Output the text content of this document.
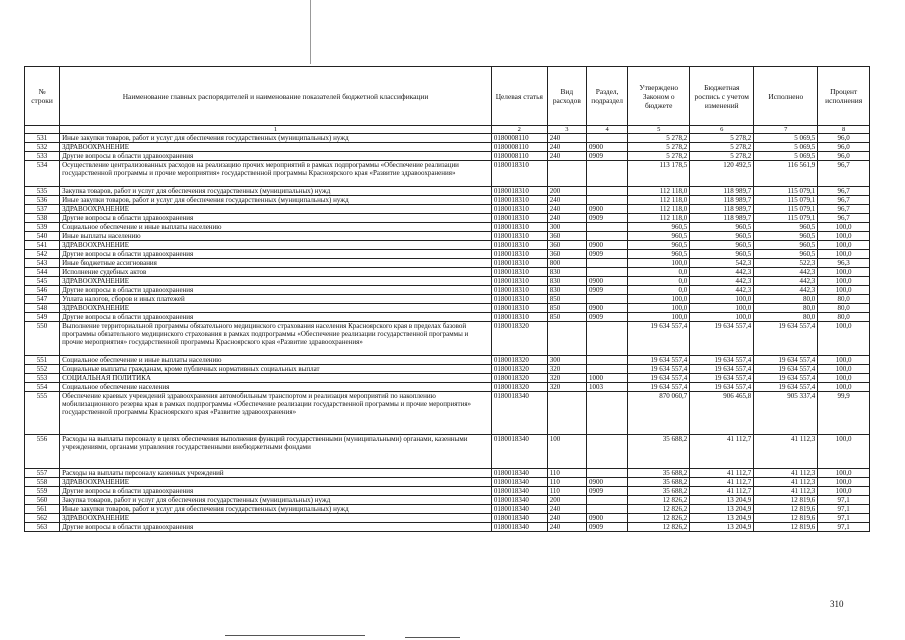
№ строки	Наименование главных распорядителей и наименование показателей бюджетной классификации	Целевая статья	Вид расходов	Раздел, подраздел	Утверждено Законом о бюджете	Бюджетная роспись с учетом изменений	Исполнено	Процент исполнения
	1	2	3	4	5	6	7	8
531	Иные закупки товаров, работ и услуг для обеспечения государственных (муниципальных) нужд	0180008110	240		5 278,2	5 278,2	5 069,5	96,0
532	ЗДРАВООХРАНЕНИЕ	0180008110	240	0900	5 278,2	5 278,2	5 069,5	96,0
533	Другие вопросы в области здравоохранения	0180008110	240	0909	5 278,2	5 278,2	5 069,5	96,0
534	Осуществление централизованных расходов на реализацию прочих мероприятий в рамках подпрограммы «Обеспечение реализации государственной программы и прочие мероприятия» государственной программы Красноярского края «Развитие здравоохранения»	0180018310			113 178,5	120 492,5	116 561,9	96,7
535	Закупка товаров, работ и услуг для обеспечения государственных (муниципальных) нужд	0180018310	200		112 118,0	118 989,7	115 079,1	96,7
536	Иные закупки товаров, работ и услуг для обеспечения государственных (муниципальных) нужд	0180018310	240		112 118,0	118 989,7	115 079,1	96,7
537	ЗДРАВООХРАНЕНИЕ	0180018310	240	0900	112 118,0	118 989,7	115 079,1	96,7
538	Другие вопросы в области здравоохранения	0180018310	240	0909	112 118,0	118 989,7	115 079,1	96,7
539	Социальное обеспечение и иные выплаты населению	0180018310	300		960,5	960,5	960,5	100,0
540	Иные выплаты населению	0180018310	360		960,5	960,5	960,5	100,0
541	ЗДРАВООХРАНЕНИЕ	0180018310	360	0900	960,5	960,5	960,5	100,0
542	Другие вопросы в области здравоохранения	0180018310	360	0909	960,5	960,5	960,5	100,0
543	Иные бюджетные ассигнования	0180018310	800		100,0	542,3	522,3	96,3
544	Исполнение судебных актов	0180018310	830		0,0	442,3	442,3	100,0
545	ЗДРАВООХРАНЕНИЕ	0180018310	830	0900	0,0	442,3	442,3	100,0
546	Другие вопросы в области здравоохранения	0180018310	830	0909	0,0	442,3	442,3	100,0
547	Уплата налогов, сборов и иных платежей	0180018310	850		100,0	100,0	80,0	80,0
548	ЗДРАВООХРАНЕНИЕ	0180018310	850	0900	100,0	100,0	80,0	80,0
549	Другие вопросы в области здравоохранения	0180018310	850	0909	100,0	100,0	80,0	80,0
550	Выполнение территориальной программы обязательного медицинского страхования населения Красноярского края в пределах базовой программы обязательного медицинского страхования в рамках подпрограммы «Обеспечение реализации государственной программы и прочие мероприятия» государственной программы Красноярского края «Развитие здравоохранения»	0180018320			19 634 557,4	19 634 557,4	19 634 557,4	100,0
551	Социальное обеспечение и иные выплаты населению	0180018320	300		19 634 557,4	19 634 557,4	19 634 557,4	100,0
552	Социальные выплаты гражданам, кроме публичных нормативных социальных выплат	0180018320	320		19 634 557,4	19 634 557,4	19 634 557,4	100,0
553	СОЦИАЛЬНАЯ ПОЛИТИКА	0180018320	320	1000	19 634 557,4	19 634 557,4	19 634 557,4	100,0
554	Социальное обеспечение населения	0180018320	320	1003	19 634 557,4	19 634 557,4	19 634 557,4	100,0
555	Обеспечение краевых учреждений здравоохранения автомобильным транспортом и реализация мероприятий по накоплению мобилизационного резерва края в рамках подпрограммы «Обеспечение реализации государственной программы и прочие мероприятия» государственной программы Красноярского края «Развитие здравоохранения»	0180018340			870 060,7	906 465,8	905 337,4	99,9
556	Расходы на выплаты персоналу в целях обеспечения выполнения функций государственными (муниципальными) органами, казенными учреждениями, органами управления государственными внебюджетными фондами	0180018340	100		35 688,2	41 112,7	41 112,3	100,0
557	Расходы на выплаты персоналу казенных учреждений	0180018340	110		35 688,2	41 112,7	41 112,3	100,0
558	ЗДРАВООХРАНЕНИЕ	0180018340	110	0900	35 688,2	41 112,7	41 112,3	100,0
559	Другие вопросы в области здравоохранения	0180018340	110	0909	35 688,2	41 112,7	41 112,3	100,0
560	Закупка товаров, работ и услуг для обеспечения государственных (муниципальных) нужд	0180018340	200		12 826,2	13 204,9	12 819,6	97,1
561	Иные закупки товаров, работ и услуг для обеспечения государственных (муниципальных) нужд	0180018340	240		12 826,2	13 204,9	12 819,6	97,1
562	ЗДРАВООХРАНЕНИЕ	0180018340	240	0900	12 826,2	13 204,9	12 819,6	97,1
563	Другие вопросы в области здравоохранения	0180018340	240	0909	12 826,2	13 204,9	12 819,6	97,1
310
